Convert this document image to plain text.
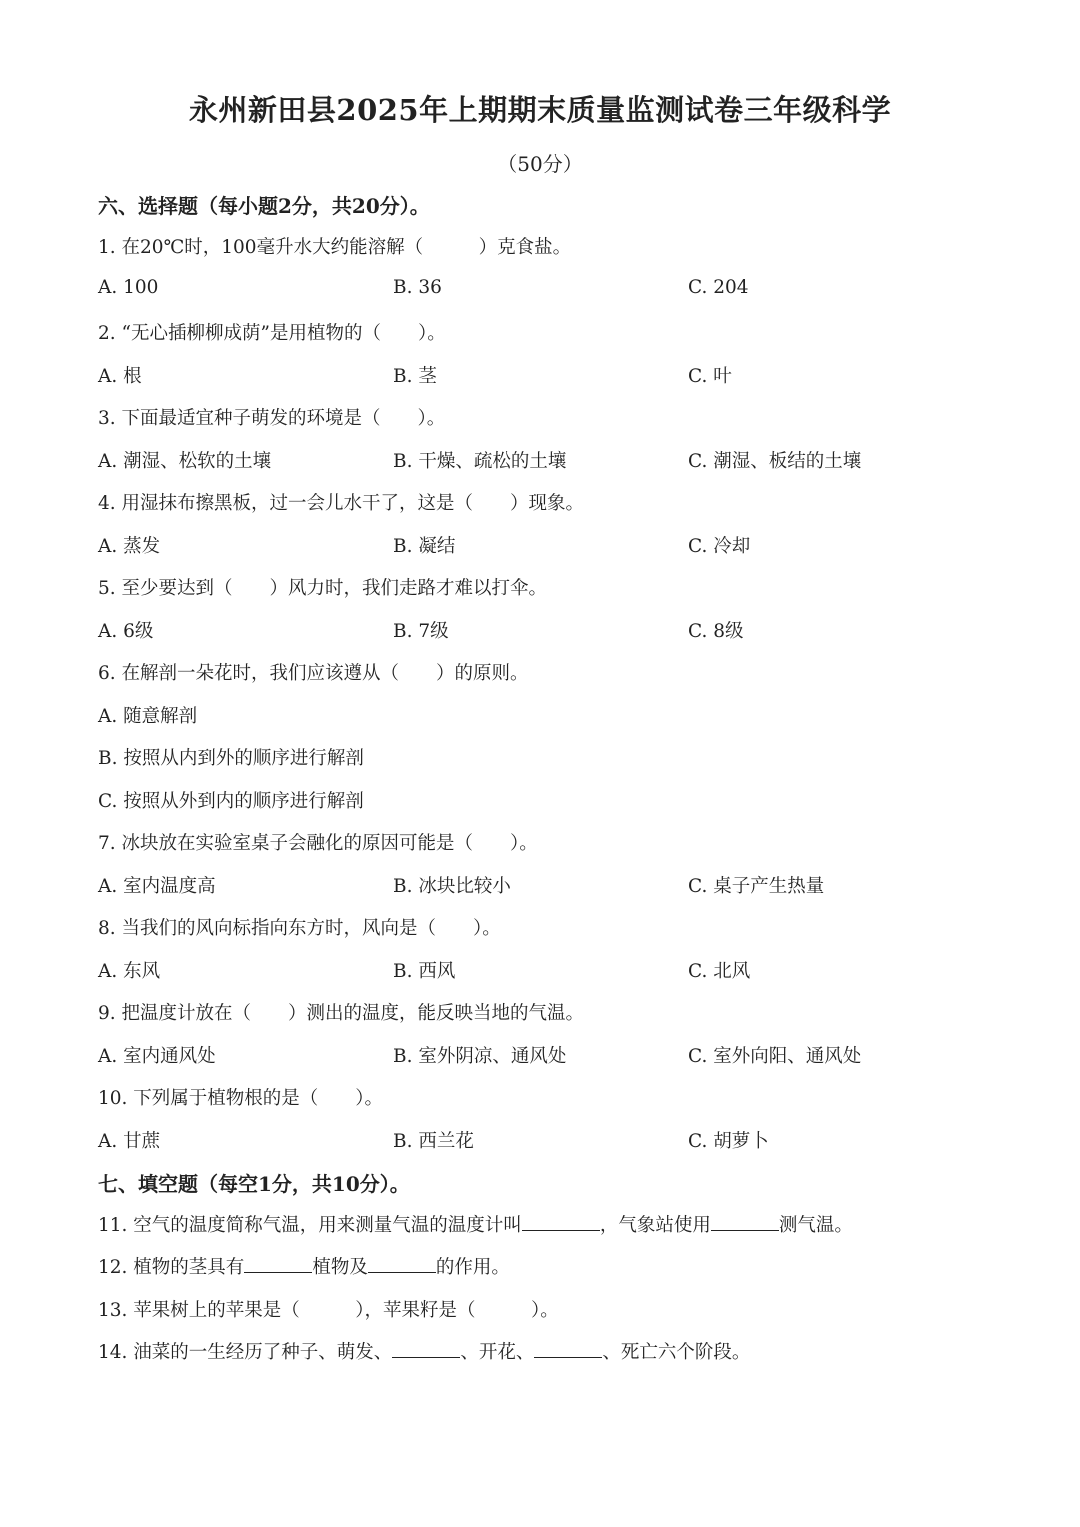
永州新田县2025年上期期末质量监测试卷三年级科学
（50分）
六、选择题（每小题2分，共20分）。
1. 在20℃时，100毫升水大约能溶解（　　　）克食盐。
A. 100	B. 36	C. 204
2. “无心插柳柳成荫”是用植物的（　　）。
A. 根	B. 茎	C. 叶
3. 下面最适宜种子萌发的环境是（　　）。
A. 潮湿、松软的土壤	B. 干燥、疏松的土壤	C. 潮湿、板结的土壤
4. 用湿抹布擦黑板，过一会儿水干了，这是（　　）现象。
A. 蒸发	B. 凝结	C. 冷却
5. 至少要达到（　　）风力时，我们走路才难以打伞。
A. 6级	B. 7级	C. 8级
6. 在解剖一朵花时，我们应该遵从（　　）的原则。
A. 随意解剖
B. 按照从内到外的顺序进行解剖
C. 按照从外到内的顺序进行解剖
7. 冰块放在实验室桌子会融化的原因可能是（　　）。
A. 室内温度高	B. 冰块比较小	C. 桌子产生热量
8. 当我们的风向标指向东方时，风向是（　　）。
A. 东风	B. 西风	C. 北风
9. 把温度计放在（　　）测出的温度，能反映当地的气温。
A. 室内通风处	B. 室外阴凉、通风处	C. 室外向阳、通风处
10. 下列属于植物根的是（　　）。
A. 甘蔗	B. 西兰花	C. 胡萝卜
七、填空题（每空1分，共10分）。
11. 空气的温度简称气温，用来测量气温的温度计叫	，气象站使用	测气温。
12. 植物的茎具有	植物及	的作用。
13. 苹果树上的苹果是（　　　），苹果籽是（　　　）。
14. 油菜的一生经历了种子、萌发、	、开花、	、死亡六个阶段。
